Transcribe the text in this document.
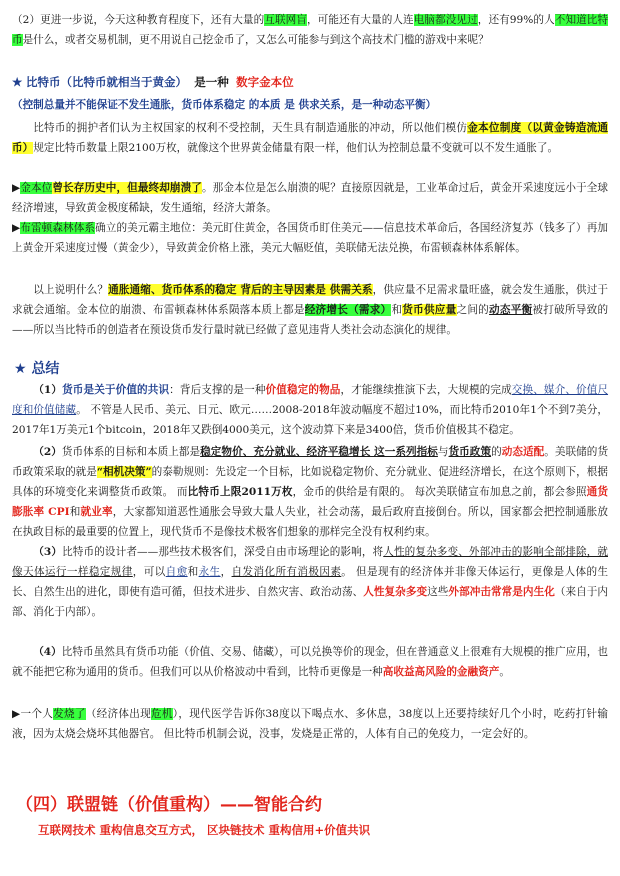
（2）更进一步说，今天这种教育程度下，还有大量的互联网盲，可能还有大量的人连电脑都没见过，还有99%的人不知道比特币是什么，或者交易机制，更不用说自己挖金币了，又怎么可能参与到这个高技术门槛的游戏中来呢？

★ 比特币（比特币就相当于黄金） 是一种 数字金本位
（控制总量并不能保证不发生通胀，货币体系稳定 的本质 是 供求关系，是一种动态平衡）

比特币的拥护者们认为主权国家的权利不受控制，天生具有制造通胀的冲动，所以他们模仿金本位制度（以黄金铸造流通币）规定比特币数量上限2100万枚，就像这个世界黄金储量有限一样，他们认为控制总量不变就可以不发生通胀了。

▶金本位曾长存历史中，但最终却崩溃了。那金本位是怎么崩溃的呢？直接原因就是，工业革命过后，黄金开采速度远小于全球经济增速，导致黄金极度稀缺，发生通缩，经济大萧条。

▶布雷顿森林体系确立的美元霸主地位：美元盯住黄金，各国货币盯住美元——信息技术革命后，各国经济复苏（钱多了）再加上黄金开采速度过慢（黄金少），导致黄金价格上涨，美元大幅贬值，美联储无法兑换，布雷顿森林体系解体。

以上说明什么？通胀通缩、货币体系的稳定 背后的主导因素是 供需关系，供应量不足需求量旺盛，就会发生通胀，供过于求就会通缩。金本位的崩溃、布雷顿森林体系陨落本质上都是经济增长（需求）和货币供应量之间的动态平衡被打破所导致的——所以当比特币的创造者在预设货币发行量时就已经做了意见违背人类社会动态演化的规律。

★ 总结

（1）货币是关于价值的共识：背后支撑的是一种价值稳定的物品，才能继续推演下去，大规模的完成交换、媒介、价值尺度和价值储藏。 不管是人民币、美元、日元、欧元……2008-2018年波动幅度不超过10%，而比特币2010年1个不到7美分，2017年1万美元1个bitcoin，2018年又跌倒4000美元，这个波动算下来是3400倍，货币价值极其不稳定。

（2）货币体系的目标和本质上都是稳定物价、充分就业、经济平稳增长 这一系列指标与货币政策的动态适配。美联储的货币政策采取的就是“相机决策”的泰勒规则：先设定一个目标，比如说稳定物价、充分就业、促进经济增长，在这个原则下，根据具体的环境变化来调整货币政策。 而比特币上限2011万枚，金币的供给是有限的。 每次美联储宣布加息之前，都会参照通货膨胀率 CPI和就业率，大家都知道恶性通胀会导致大量人失业，社会动荡，最后政府直接倒台。所以，国家都会把控制通胀放在执政目标的最重要的位置上，现代货币不是像技术极客们想象的那样完全没有权利约束。

（3）比特币的设计者——那些技术极客们，深受自由市场理论的影响，将人性的复杂多变、外部冲击的影响全部排除，就像天体运行一样稳定规律，可以自愈和永生，自发消化所有消极因素。 但是现有的经济体并非像天体运行，更像是人体的生长、自然生出的进化，即使有造可循，但技术进步、自然灾害、政治动荡、人性复杂多变这些外部冲击常常是内生化（来自于内部、消化于内部）。

（4）比特币虽然具有货币功能（价值、交易、储藏），可以兑换等价的现金，但在普通意义上很难有大规模的推广应用，也就不能把它称为通用的货币。但我们可以从价格波动中看到，比特币更像是一种高收益高风险的金融资产。

▶一个人发烧了（经济体出现危机），现代医学告诉你38度以下喝点水、多休息，38度以上还要持续好几个小时，吃药打针输液，因为太烧会烧坏其他器官。 但比特币机制会说，没事，发烧是正常的，人体有自己的免疫力，一定会好的。

（四）联盟链（价值重构）——智能合约
互联网技术 重构信息交互方式， 区块链技术 重构信用+价值共识
